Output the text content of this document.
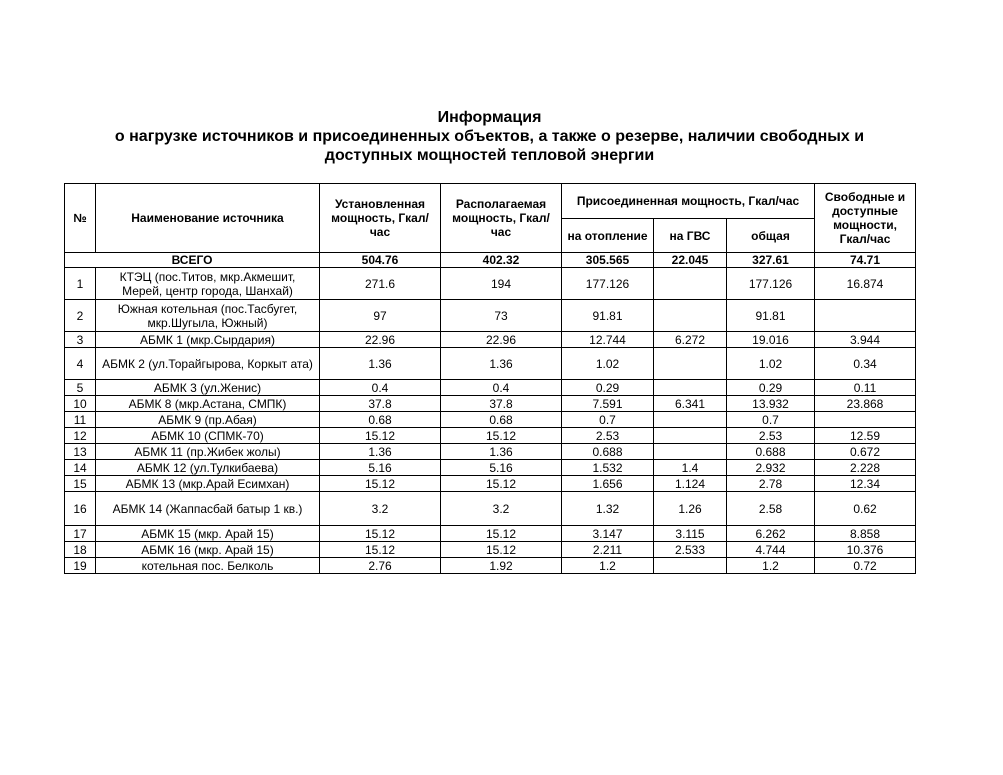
Информация
о нагрузке источников и присоединенных объектов, а также о резерве, наличии свободных и
доступных мощностей тепловой энергии
№	Наименование источника	Установленная мощность, Гкал/час	Располагаемая мощность, Гкал/час	Присоединенная мощность, Гкал/час			Свободные и доступные мощности, Гкал/час
				на отопление	на ГВС	общая	
ВСЕГО		504.76	402.32	305.565	22.045	327.61	74.71
1	КТЭЦ (пос.Титов, мкр.Акмешит, Мерей, центр города, Шанхай)	271.6	194	177.126		177.126	16.874
2	Южная котельная (пос.Тасбугет, мкр.Шугыла, Южный)	97	73	91.81		91.81	
3	АБМК 1 (мкр.Сырдария)	22.96	22.96	12.744	6.272	19.016	3.944
4	АБМК 2 (ул.Торайгырова, Коркыт ата)	1.36	1.36	1.02		1.02	0.34
5	АБМК 3 (ул.Женис)	0.4	0.4	0.29		0.29	0.11
10	АБМК 8 (мкр.Астана, СМПК)	37.8	37.8	7.591	6.341	13.932	23.868
11	АБМК 9 (пр.Абая)	0.68	0.68	0.7		0.7	
12	АБМК 10 (СПМК-70)	15.12	15.12	2.53		2.53	12.59
13	АБМК 11 (пр.Жибек жолы)	1.36	1.36	0.688		0.688	0.672
14	АБМК 12 (ул.Тулкибаева)	5.16	5.16	1.532	1.4	2.932	2.228
15	АБМК 13 (мкр.Арай Есимхан)	15.12	15.12	1.656	1.124	2.78	12.34
16	АБМК 14 (Жаппасбай батыр 1 кв.)	3.2	3.2	1.32	1.26	2.58	0.62
17	АБМК 15 (мкр. Арай 15)	15.12	15.12	3.147	3.115	6.262	8.858
18	АБМК 16 (мкр. Арай 15)	15.12	15.12	2.211	2.533	4.744	10.376
19	котельная пос. Белколь	2.76	1.92	1.2		1.2	0.72
